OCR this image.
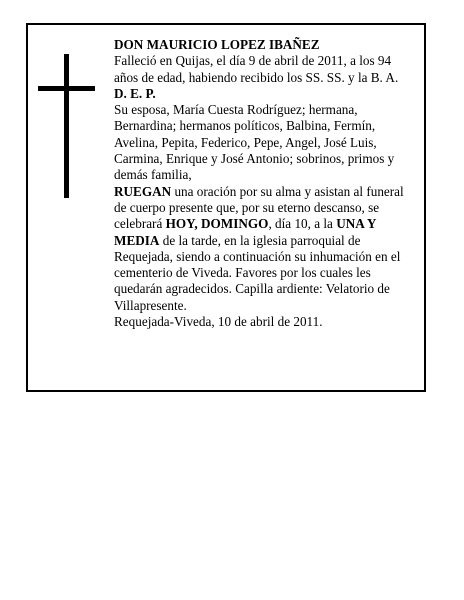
DON MAURICIO LOPEZ IBAÑEZ

Falleció en Quijas, el día 9 de abril de 2011, a los 94 años de edad, habiendo recibido los SS. SS. y la B. A.

D. E. P.

Su esposa, María Cuesta Rodríguez; hermana, Bernardina; hermanos políticos, Balbina, Fermín, Avelina, Pepita, Federico, Pepe, Angel, José Luis, Carmina, Enrique y José Antonio; sobrinos, primos y demás familia,

RUEGAN una oración por su alma y asistan al funeral de cuerpo presente que, por su eterno descanso, se celebrará HOY, DOMINGO, día 10, a la UNA Y MEDIA de la tarde, en la iglesia parroquial de Requejada, siendo a continuación su inhumación en el cementerio de Viveda. Favores por los cuales les quedarán agradecidos. Capilla ardiente: Velatorio de Villapresente.

Requejada-Viveda, 10 de abril de 2011.
